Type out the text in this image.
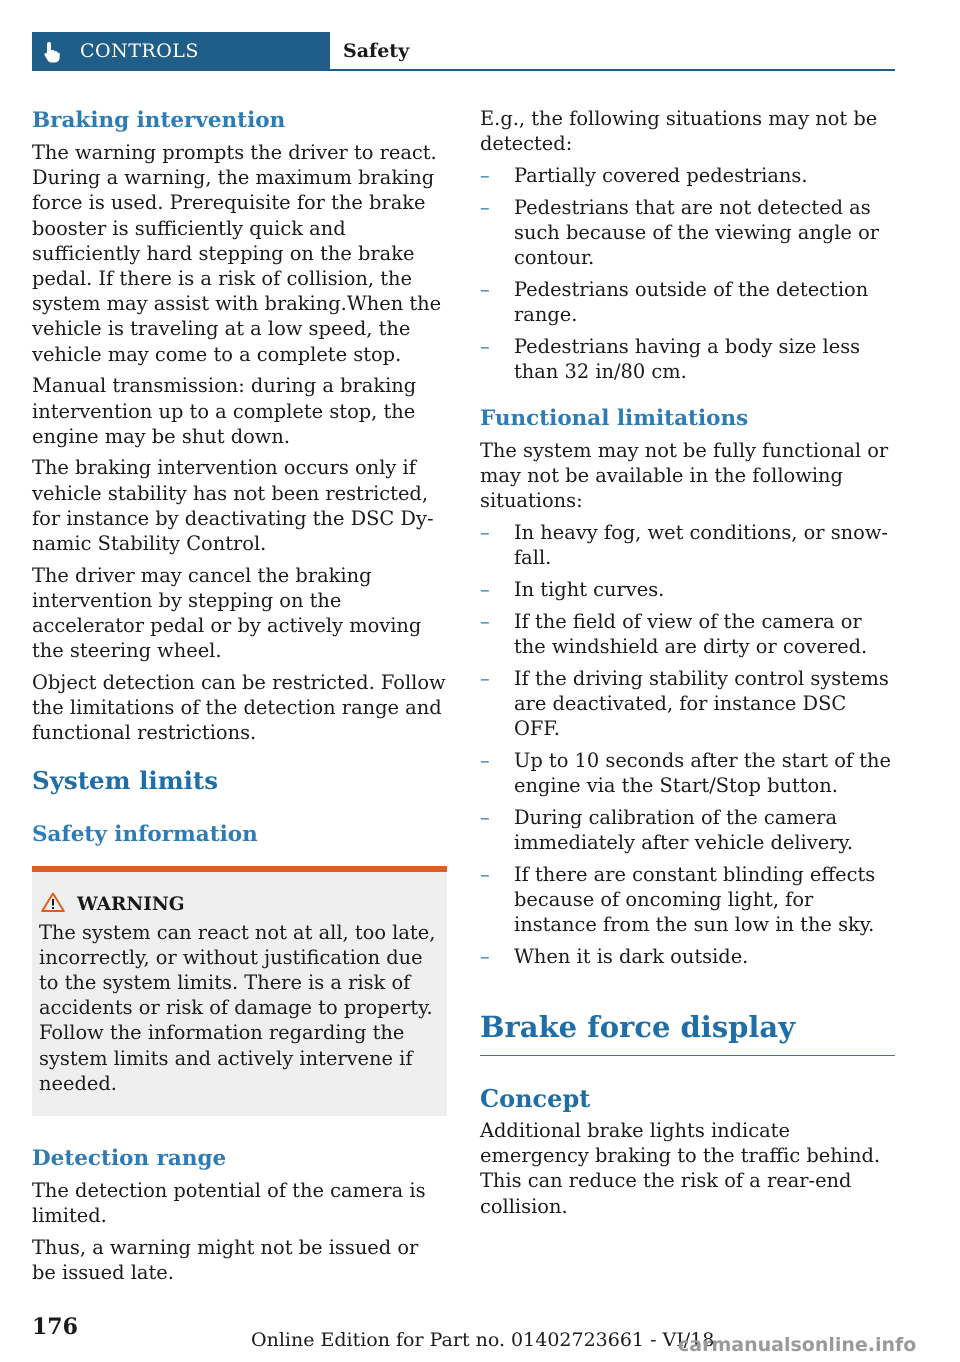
CONTROLS	Safety
Braking intervention

The warning prompts the driver to react. During a warning, the maximum braking force is used. Prerequisite for the brake booster is sufficiently quick and sufficiently hard stepping on the brake pedal. If there is a risk of collision, the system may assist with braking.When the vehicle is traveling at a low speed, the vehicle may come to a complete stop.

Manual transmission: during a braking intervention up to a complete stop, the engine may be shut down.

The braking intervention occurs only if vehicle stability has not been restricted, for instance by deactivating the DSC Dynamic Stability Control.

The driver may cancel the braking intervention by stepping on the accelerator pedal or by actively moving the steering wheel.

Object detection can be restricted. Follow the limitations of the detection range and functional restrictions.

System limits
Safety information
WARNING
The system can react not at all, too late, incorrectly, or without justification due to the system limits. There is a risk of accidents or risk of damage to property. Follow the information regarding the system limits and actively intervene if needed.
Detection range

The detection potential of the camera is limited.

Thus, a warning might not be issued or be issued late.

E.g., the following situations may not be detected:

– Partially covered pedestrians.
– Pedestrians that are not detected as such because of the viewing angle or contour.
– Pedestrians outside of the detection range.
– Pedestrians having a body size less than 32 in/80 cm.
Functional limitations

The system may not be fully functional or may not be available in the following situations:

– In heavy fog, wet conditions, or snowfall.
– In tight curves.
– If the field of view of the camera or the windshield are dirty or covered.
– If the driving stability control systems are deactivated, for instance DSC OFF.
– Up to 10 seconds after the start of the engine via the Start/Stop button.
– During calibration of the camera immediately after vehicle delivery.
– If there are constant blinding effects because of oncoming light, for instance from the sun low in the sky.
– When it is dark outside.
Brake force display
Concept

Additional brake lights indicate emergency braking to the traffic behind. This can reduce the risk of a rear-end collision.

176	Online Edition for Part no. 01402723661 - VI/18
carmanualsonline.info
